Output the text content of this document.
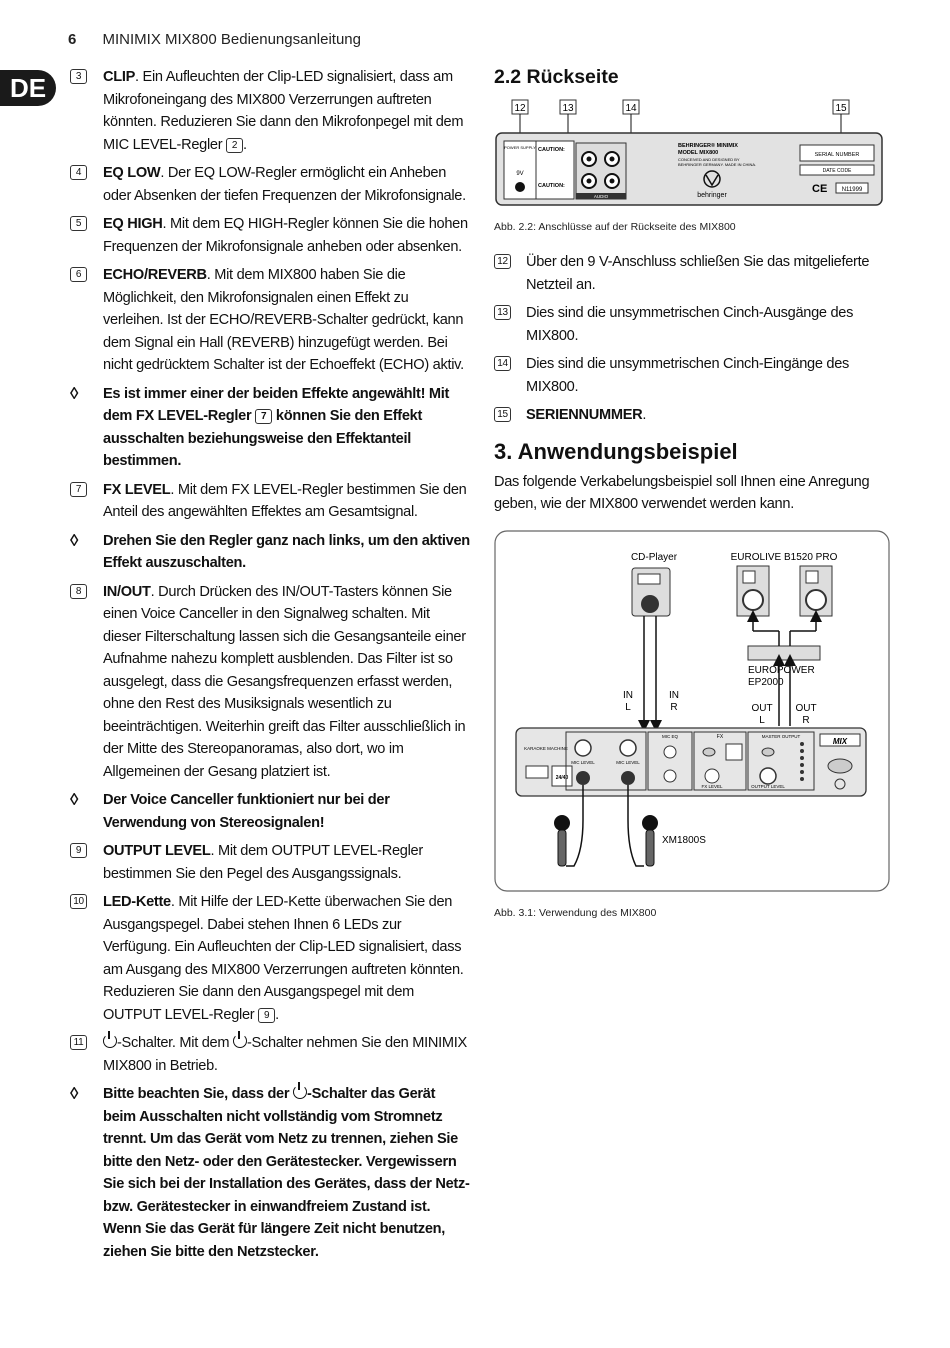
6 MINIMIX MIX800 Bedienungsanleitung
DE	3	CLIP. Ein Aufleuchten der Clip-LED signalisiert, dass am Mikrofoneingang des MIX800 Verzerrungen auftreten könnten. Reduzieren Sie dann den Mikrofonpegel mit dem MIC LEVEL-Regler 2 .
4	EQ LOW. Der EQ LOW-Regler ermöglicht ein Anheben oder Absenken der tiefen Frequenzen der Mikrofonsignale.
5	EQ HIGH. Mit dem EQ HIGH-Regler können Sie die hohen Frequenzen der Mikrofonsignale anheben oder absenken.
6	ECHO/REVERB. Mit dem MIX800 haben Sie die Möglichkeit, den Mikrofonsignalen einen Effekt zu verleihen. Ist der ECHO/REVERB-Schalter gedrückt, kann dem Signal ein Hall (REVERB) hinzugefügt werden. Bei nicht gedrücktem Schalter ist der Echoeffekt (ECHO) aktiv.
◊ Es ist immer einer der beiden Effekte angewählt! Mit dem FX LEVEL-Regler 7 können Sie den Effekt ausschalten beziehungsweise den Effektanteil bestimmen.
7	FX LEVEL. Mit dem FX LEVEL-Regler bestimmen Sie den Anteil des angewählten Effektes am Gesamtsignal.
◊ Drehen Sie den Regler ganz nach links, um den aktiven Effekt auszuschalten.
8	IN/OUT. Durch Drücken des IN/OUT-Tasters können Sie einen Voice Canceller in den Signalweg schalten. Mit dieser Filterschaltung lassen sich die Gesangsanteile einer Aufnahme nahezu komplett ausblenden. Das Filter ist so ausgelegt, dass die Gesangsfrequenzen erfasst werden, ohne den Rest des Musiksignals wesentlich zu beeinträchtigen. Weiterhin greift das Filter ausschließlich in der Mitte des Stereopanoramas, also dort, wo im Allgemeinen der Gesang platziert ist.
◊ Der Voice Canceller funktioniert nur bei der Verwendung von Stereosignalen!
9	OUTPUT LEVEL. Mit dem OUTPUT LEVEL-Regler bestimmen Sie den Pegel des Ausgangssignals.
10 LED-Kette. Mit Hilfe der LED-Kette überwachen Sie den Ausgangspegel. Dabei stehen Ihnen 6 LEDs zur Verfügung. Ein Aufleuchten der Clip-LED signalisiert, dass am Ausgang des MIX800 Verzerrungen auftreten könnten. Reduzieren Sie dann den Ausgangspegel mit dem OUTPUT LEVEL-Regler 9 .
11 -Schalter. Mit dem -Schalter nehmen Sie den MINIMIX MIX800 in Betrieb.
◊ Bitte beachten Sie, dass der -Schalter das Gerät beim Ausschalten nicht vollständig vom Stromnetz trennt. Um das Gerät vom Netz zu trennen, ziehen Sie bitte den Netz- oder den Gerätestecker. Vergewissern Sie sich bei der Installation des Gerätes, dass der Netz- bzw. Gerätestecker in einwandfreiem Zustand ist. Wenn Sie das Gerät für längere Zeit nicht benutzen, ziehen Sie bitte den Netzstecker.
2.2 Rückseite
12	13	14	15
POWER SUPPLY
9V
CAUTION:
CAUTION:
AUDIO
BEHRINGER® MINIMIX
MODEL MIX800
CONCEIVED AND DESIGNED BY
BEHRINGER GERMANY. MADE IN CHINA.
behringer
SERIAL NUMBER
DATE CODE
CE N11999
Abb. 2.2: Anschlüsse auf der Rückseite des MIX800
12 Über den 9 V-Anschluss schließen Sie das mitgelieferte Netzteil an.
13 Dies sind die unsymmetrischen Cinch-Ausgänge des MIX800.
14 Dies sind die unsymmetrischen Cinch-Eingänge des MIX800.
15 SERIENNUMMER.
3. Anwendungsbeispiel
Das folgende Verkabelungsbeispiel soll Ihnen eine Anregung geben, wie der MIX800 verwendet werden kann.
CD-Player	EUROLIVE B1520 PRO
EUROPOWER
EP2000
IN
L
IN
R	OUT
L
OUT
R
KARAOKE MACHINE
24/40
MIC LEVEL	MIC LEVEL
MIC EQ	FX
FX LEVEL
MASTER OUTPUT
OUTPUT LEVEL
MIX
XM1800S
Abb. 3.1: Verwendung des MIX800
